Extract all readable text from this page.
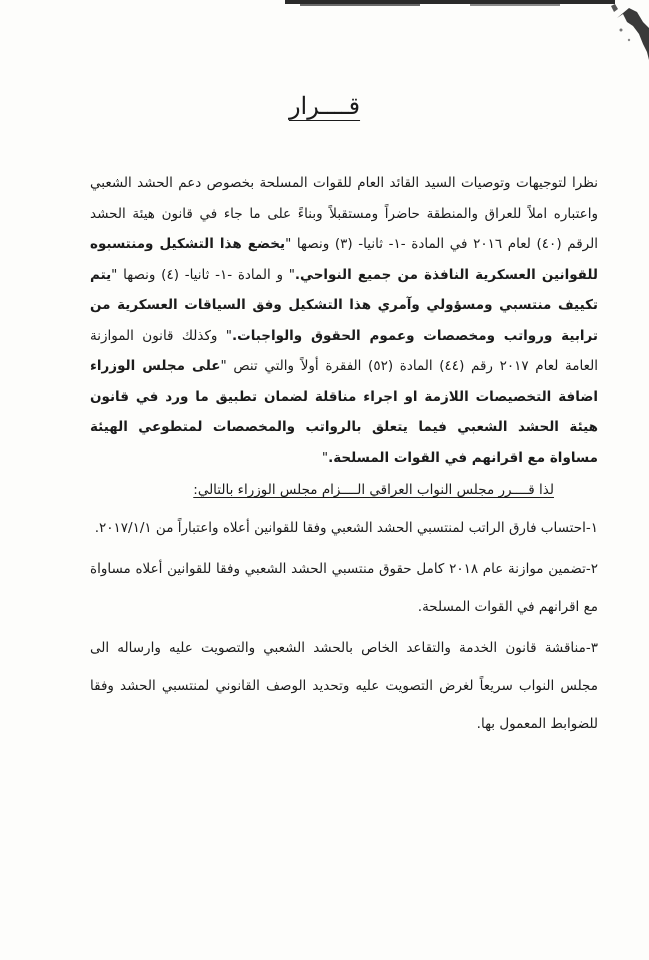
قــــرار

نظرا لتوجيهات وتوصيات السيد القائد العام للقوات المسلحة بخصوص دعم الحشد الشعبي واعتباره املاً للعراق والمنطقة حاضراً ومستقبلاً وبناءً على ما جاء في قانون هيئة الحشد الرقم (٤٠) لعام ٢٠١٦ في المادة -١- ثانيا- (٣) ونصها "يخضع هذا التشكيل ومنتسبوه للقوانين العسكرية النافذة من جميع النواحي." و المادة -١- ثانيا- (٤) ونصها "يتم تكييف منتسبي ومسؤولي وآمري هذا التشكيل وفق السياقات العسكرية من ترابية ورواتب ومخصصات وعموم الحقوق والواجبات." وكذلك قانون الموازنة العامة لعام ٢٠١٧ رقم (٤٤) المادة (٥٢) الفقرة أولاً والتي تنص "على مجلس الوزراء اضافة التخصيصات اللازمة او اجراء مناقلة لضمان تطبيق ما ورد في قانون هيئة الحشد الشعبي فيما يتعلق بالرواتب والمخصصات لمتطوعي الهيئة مساواة مع اقرانهم في القوات المسلحة."

لذا قــــرر مجلس النواب العراقي الــــزام مجلس الوزراء بالتالي:

١-احتساب فارق الراتب لمنتسبي الحشد الشعبي وفقا للقوانين أعلاه واعتباراً من ٢٠١٧/١/١.

٢-تضمين موازنة عام ٢٠١٨ كامل حقوق منتسبي الحشد الشعبي وفقا للقوانين أعلاه مساواة مع اقرانهم في القوات المسلحة.

٣-مناقشة قانون الخدمة والتقاعد الخاص بالحشد الشعبي والتصويت عليه وارساله الى مجلس النواب سريعاً لغرض التصويت عليه وتحديد الوصف القانوني لمنتسبي الحشد وفقا للضوابط المعمول بها.
